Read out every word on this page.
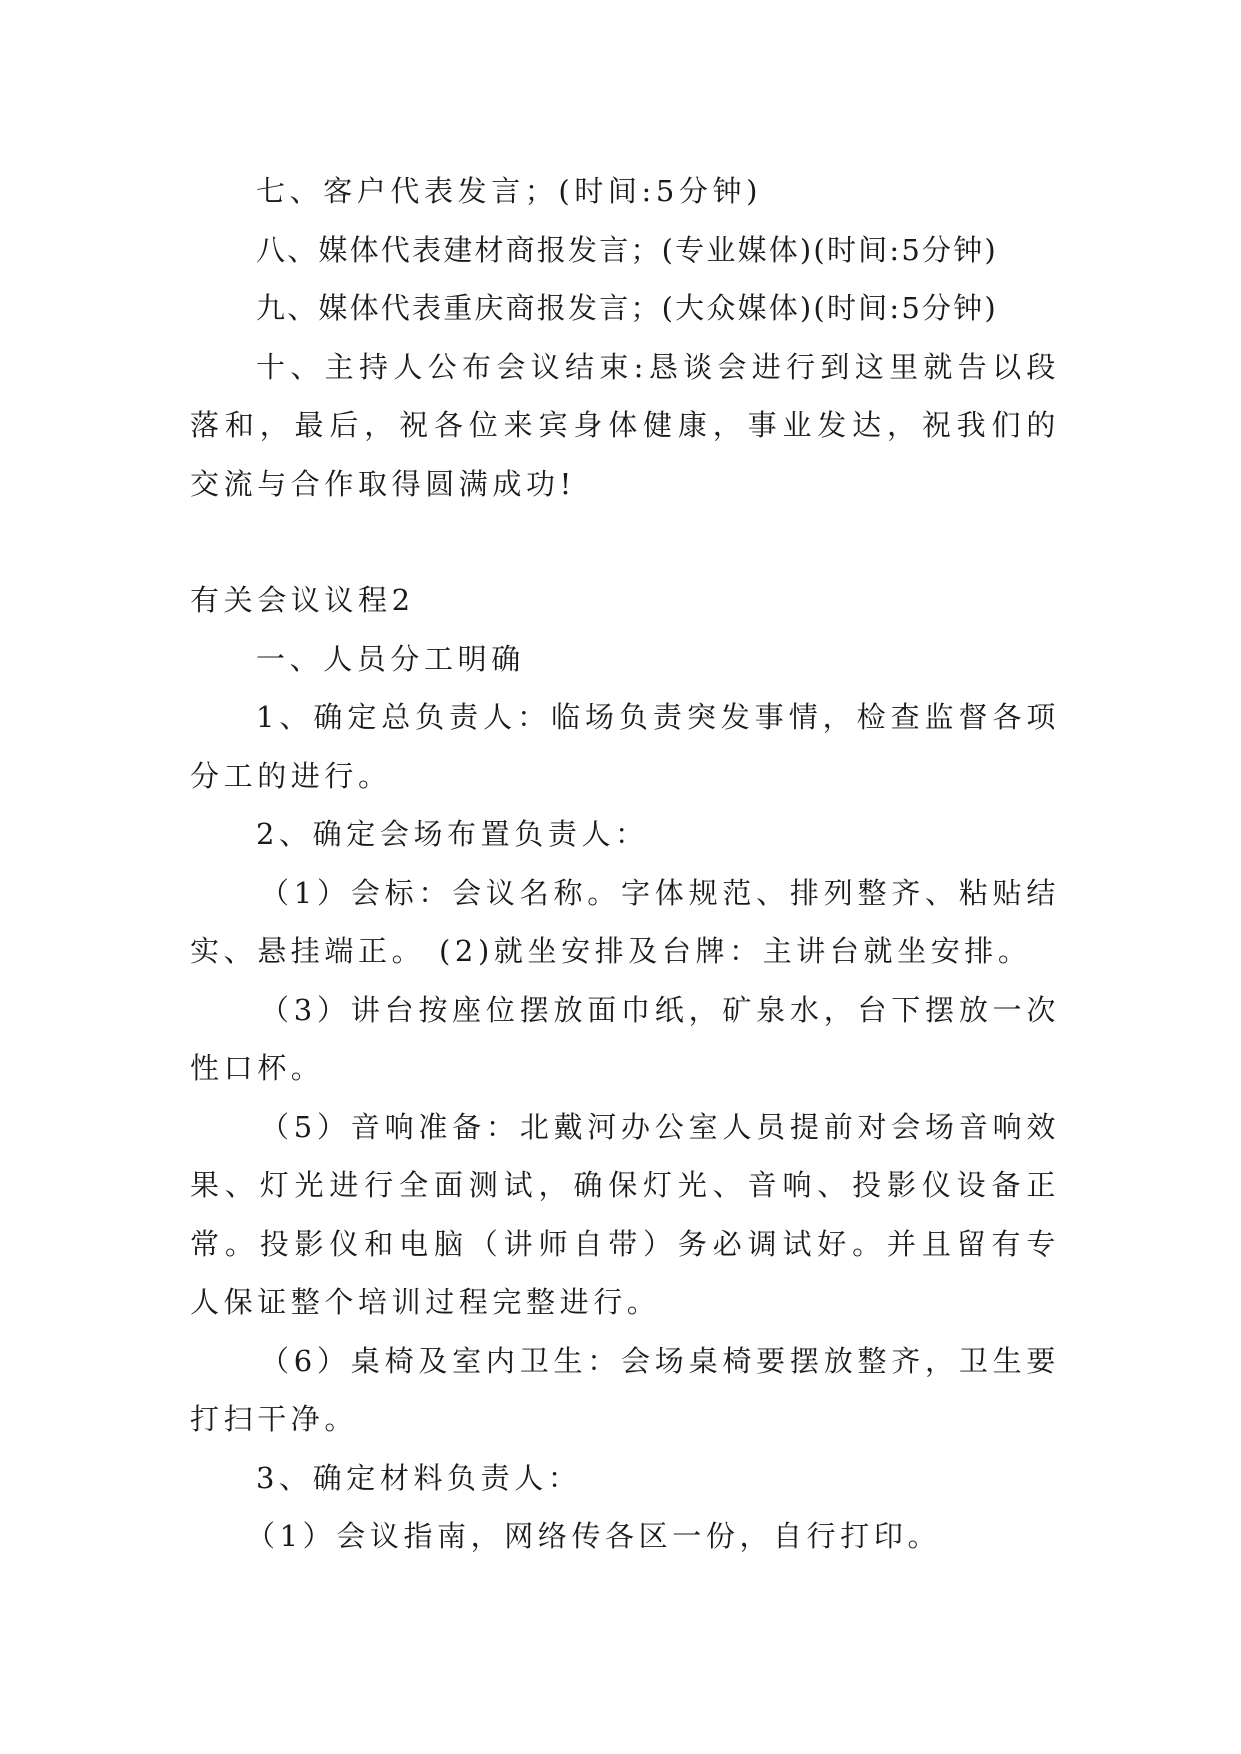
七、客户代表发言；(时间:5分钟)

八、媒体代表建材商报发言；(专业媒体)(时间:5分钟)

九、媒体代表重庆商报发言；(大众媒体)(时间:5分钟)

十、主持人公布会议结束:恳谈会进行到这里就告以段落和，最后，祝各位来宾身体健康，事业发达，祝我们的交流与合作取得圆满成功!

有关会议议程2

一、人员分工明确

1、确定总负责人：临场负责突发事情，检查监督各项分工的进行。

2、确定会场布置负责人：

（1）会标：会议名称。字体规范、排列整齐、粘贴结实、悬挂端正。 (2)就坐安排及台牌：主讲台就坐安排。

（3）讲台按座位摆放面巾纸，矿泉水，台下摆放一次性口杯。

（5）音响准备：北戴河办公室人员提前对会场音响效果、灯光进行全面测试，确保灯光、音响、投影仪设备正常。投影仪和电脑（讲师自带）务必调试好。并且留有专人保证整个培训过程完整进行。

（6）桌椅及室内卫生：会场桌椅要摆放整齐，卫生要打扫干净。

3、确定材料负责人：

（1）会议指南，网络传各区一份，自行打印。
